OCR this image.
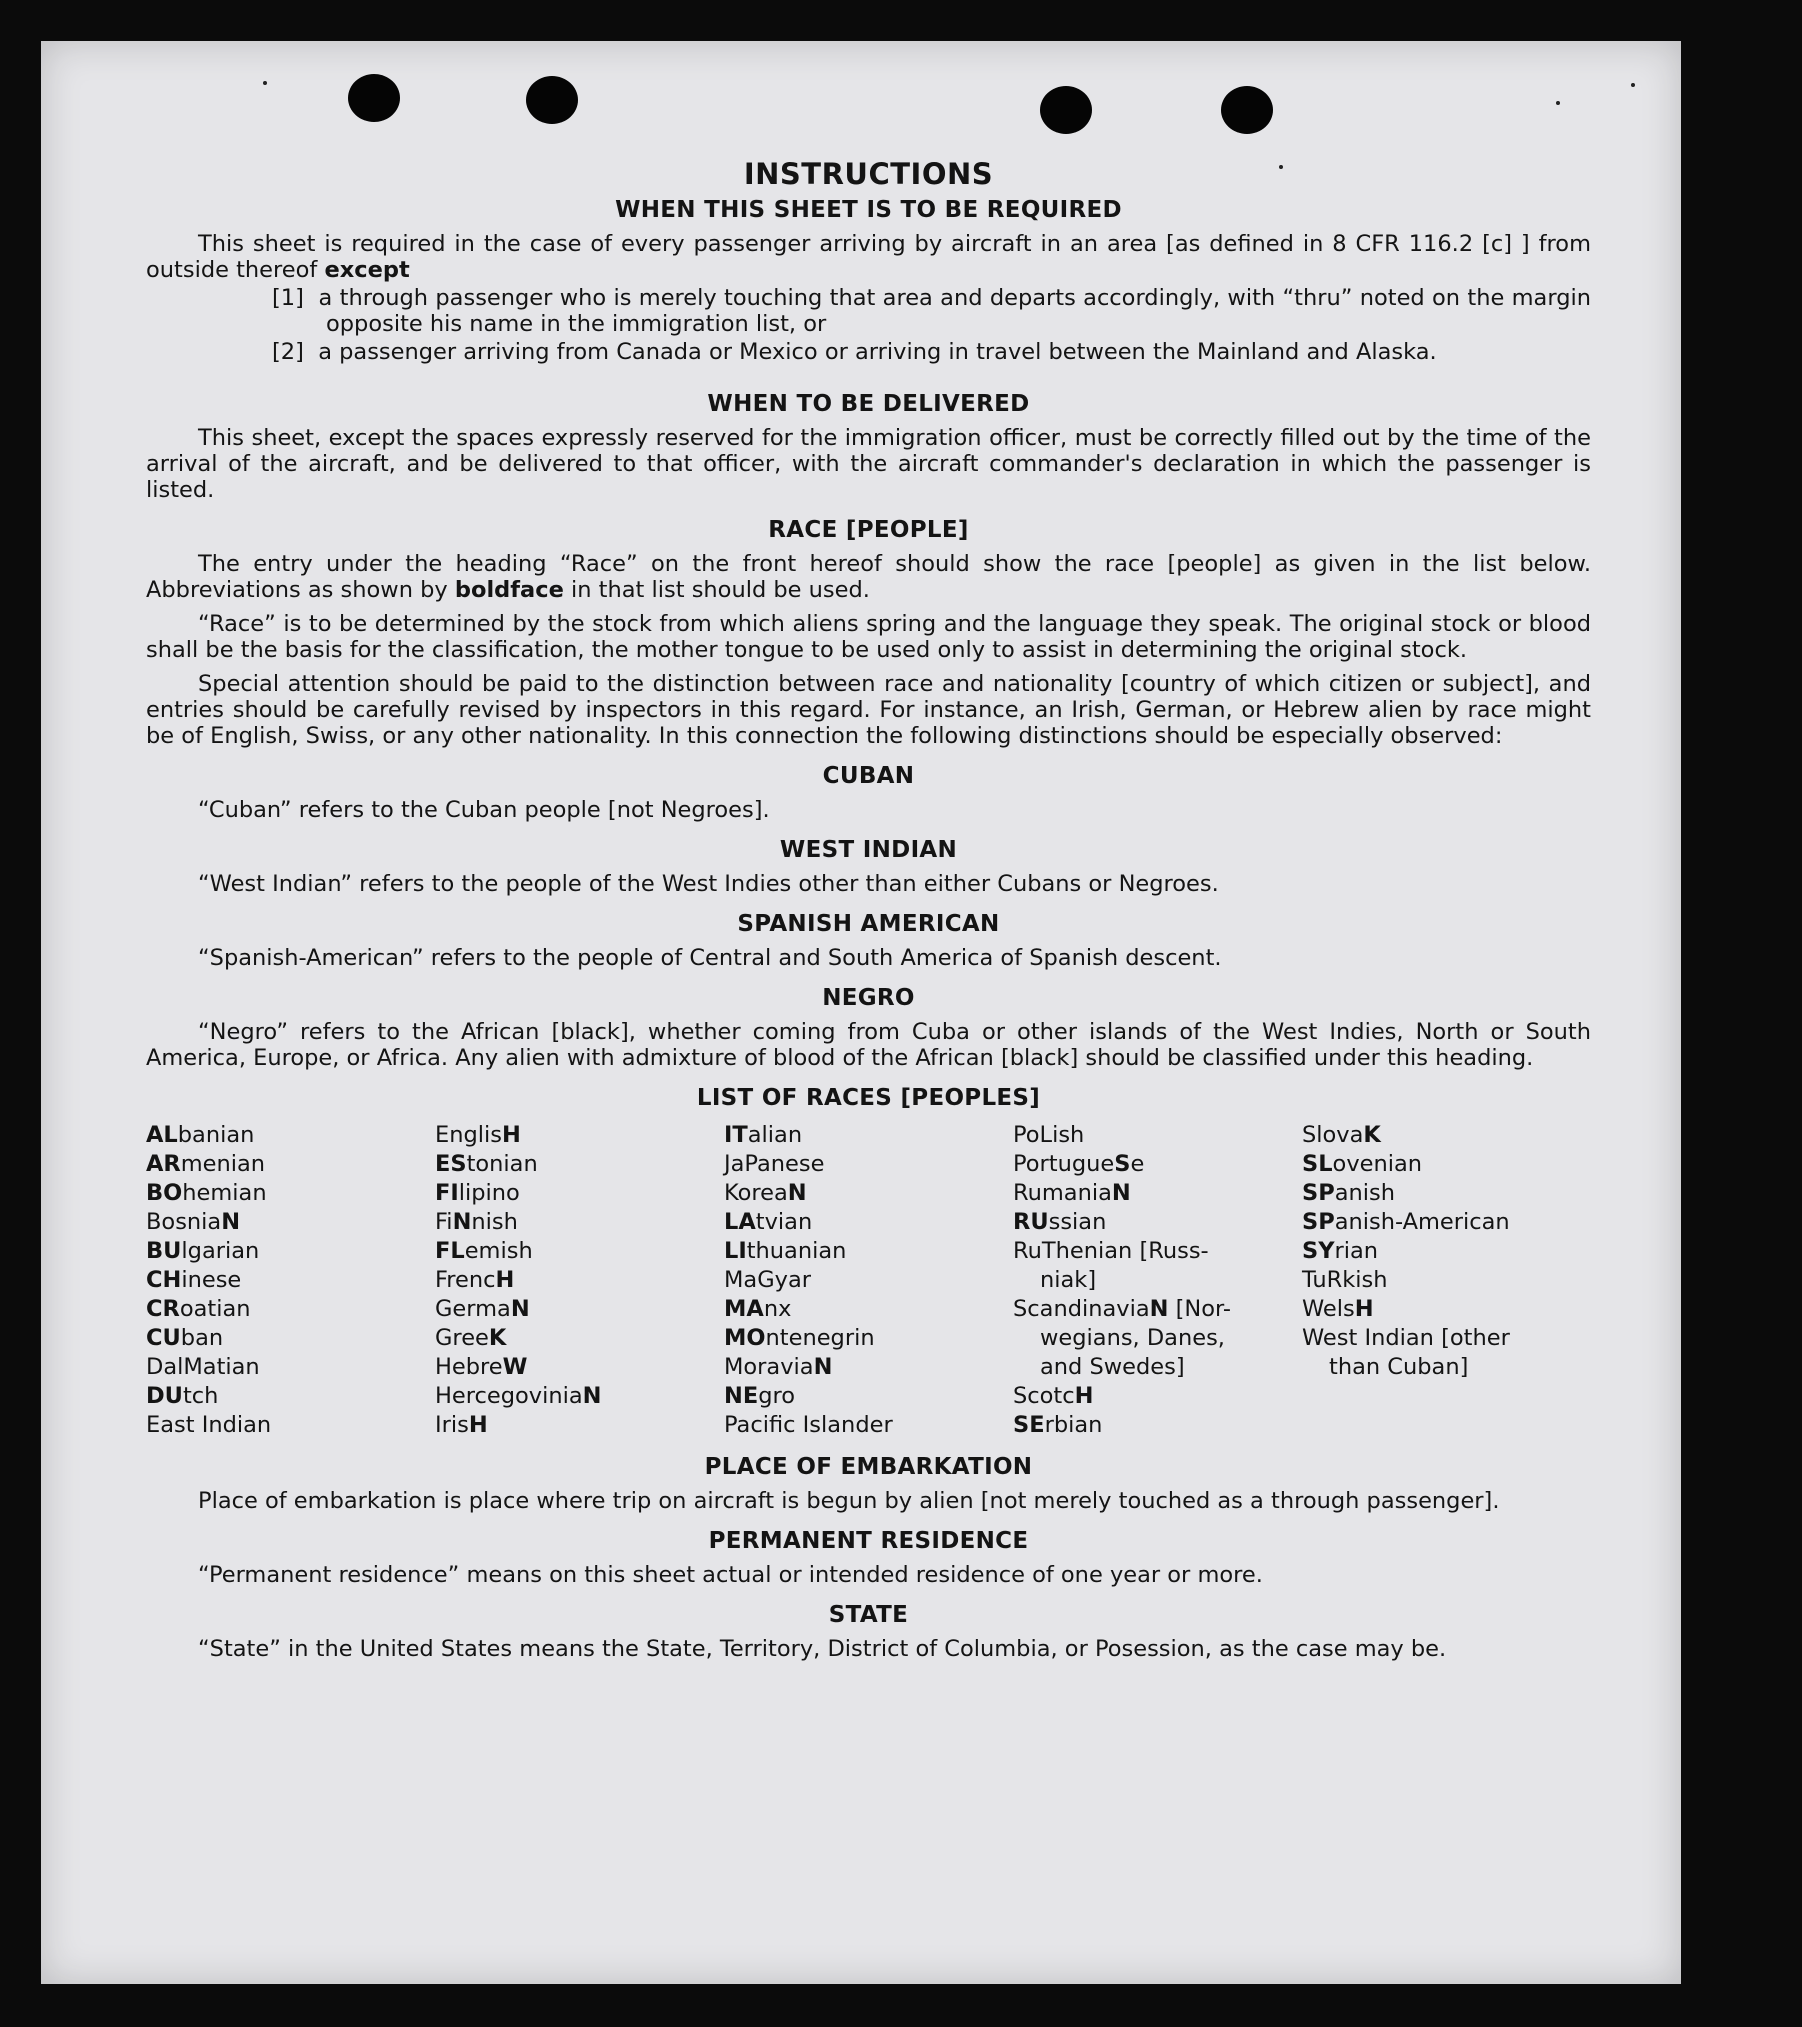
INSTRUCTIONS
WHEN THIS SHEET IS TO BE REQUIRED

This sheet is required in the case of every passenger arriving by aircraft in an area [as defined in 8 CFR 116.2 [c] ] from outside thereof except

[1] a through passenger who is merely touching that area and departs accordingly, with “thru” noted on the margin opposite his name in the immigration list, or

[2] a passenger arriving from Canada or Mexico or arriving in travel between the Mainland and Alaska.

WHEN TO BE DELIVERED

This sheet, except the spaces expressly reserved for the immigration officer, must be correctly filled out by the time of the arrival of the aircraft, and be delivered to that officer, with the aircraft commander's declaration in which the passenger is listed.

RACE [PEOPLE]

The entry under the heading “Race” on the front hereof should show the race [people] as given in the list below. Abbreviations as shown by boldface in that list should be used.

“Race” is to be determined by the stock from which aliens spring and the language they speak. The original stock or blood shall be the basis for the classification, the mother tongue to be used only to assist in determining the original stock.

Special attention should be paid to the distinction between race and nationality [country of which citizen or subject], and entries should be carefully revised by inspectors in this regard. For instance, an Irish, German, or Hebrew alien by race might be of English, Swiss, or any other nationality. In this connection the following distinctions should be especially observed:

CUBAN

“Cuban” refers to the Cuban people [not Negroes].

WEST INDIAN

“West Indian” refers to the people of the West Indies other than either Cubans or Negroes.

SPANISH AMERICAN

“Spanish-American” refers to the people of Central and South America of Spanish descent.

NEGRO

“Negro” refers to the African [black], whether coming from Cuba or other islands of the West Indies, North or South America, Europe, or Africa. Any alien with admixture of blood of the African [black] should be classified under this heading.

LIST OF RACES [PEOPLES]
ALbanian
ARmenian
BOhemian
BosniaN
BUlgarian
CHinese
CRoatian
CUban
DalMatian
DUtch
East Indian
EnglisH
EStonian
FIlipino
FiNnish
FLemish
FrencH
GermaN
GreeK
HebreW
HercegoviniaN
IrisH
ITalian
JaPanese
KoreaN
LAtvian
LIthuanian
MaGyar
MAnx
MOntenegrin
MoraviaN
NEgro
Pacific Islander
PoLish
PortugueSe
RumaniaN
RUssian
RuThenian [Russ-
niak]
ScandinaviaN [Nor-
wegians, Danes,
and Swedes]
ScotcH
SErbian
SlovaK
SLovenian
SPanish
SPanish-American
SYrian
TuRkish
WelsH
West Indian [other
than Cuban]
PLACE OF EMBARKATION

Place of embarkation is place where trip on aircraft is begun by alien [not merely touched as a through passenger].

PERMANENT RESIDENCE

“Permanent residence” means on this sheet actual or intended residence of one year or more.

STATE

“State” in the United States means the State, Territory, District of Columbia, or Posession, as the case may be.
